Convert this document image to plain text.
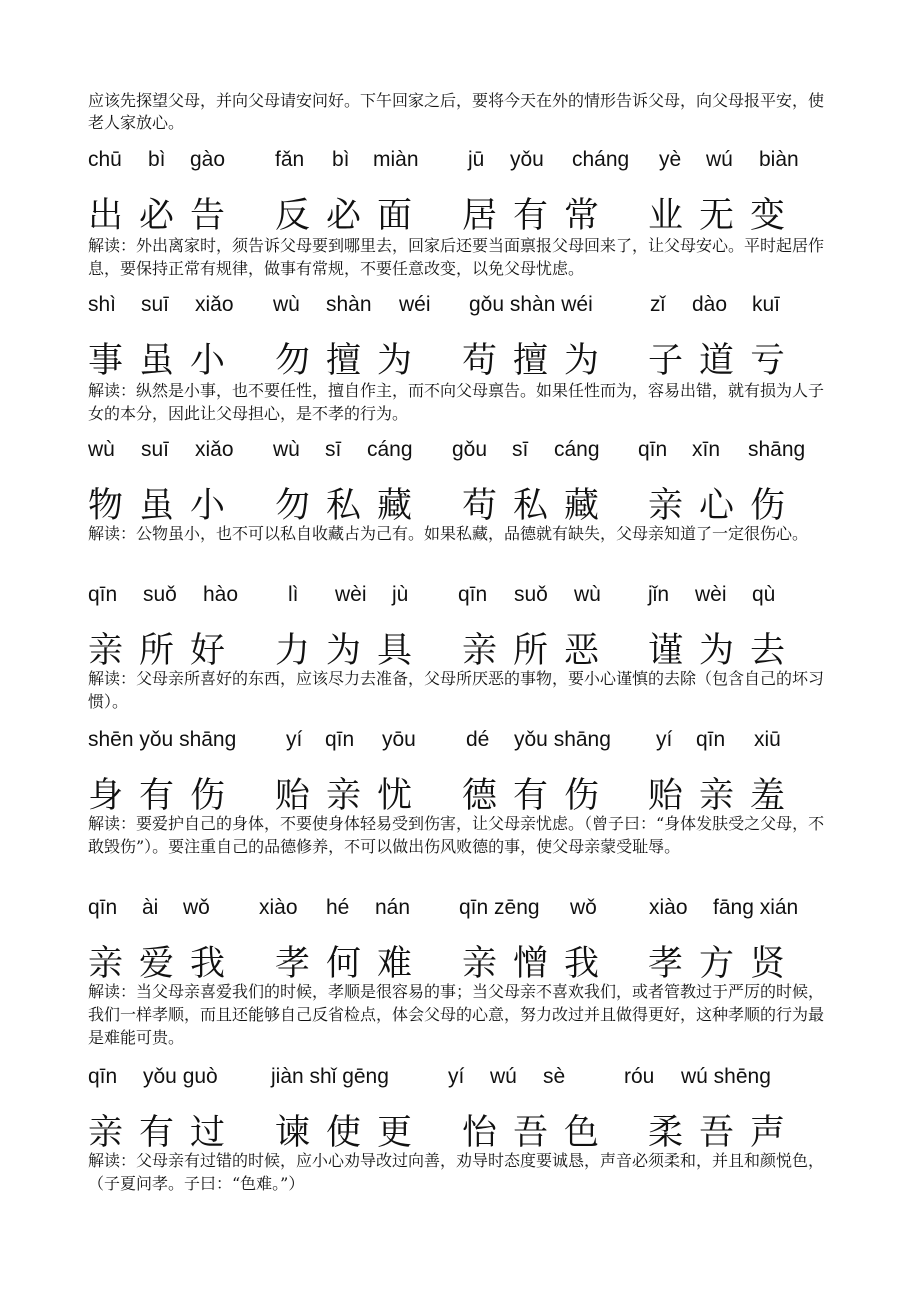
应该先探望父母，并向父母请安问好。下午回家之后，要将今天在外的情形告诉父母，向父母报平安，使老人家放心。

chū bì gào fǎn bì miàn jū yǒu cháng yè wú biàn
出必告 反必面 居有常 业无变

解读：外出离家时，须告诉父母要到哪里去，回家后还要当面禀报父母回来了，让父母安心。平时起居作息，要保持正常有规律，做事有常规，不要任意改变，以免父母忧虑。

shì suī xiǎo wù shàn wéi gǒu shàn wéi	zǐ dào kuī
事虽小 勿擅为 苟擅为 子道亏

解读：纵然是小事，也不要任性，擅自作主，而不向父母禀告。如果任性而为，容易出错，就有损为人子女的本分，因此让父母担心，是不孝的行为。

wù suī xiǎo wù sī cáng gǒu sī cáng qīn xīn shāng
物虽小 勿私藏 苟私藏 亲心伤

解读：公物虽小，也不可以私自收藏占为己有。如果私藏，品德就有缺失，父母亲知道了一定很伤心。

qīn suǒ hào lì wèi jù qīn suǒ wù jǐn wèi qù
亲所好 力为具 亲所恶 谨为去

解读：父母亲所喜好的东西，应该尽力去准备，父母所厌恶的事物，要小心谨慎的去除（包含自己的坏习惯）。

shēn yǒu shāng yí qīn yōu dé yǒu shāng yí qīn xiū
身有伤 贻亲忧 德有伤 贻亲羞

解读：要爱护自己的身体，不要使身体轻易受到伤害，让父母亲忧虑。（曾子曰：“身体发肤受之父母，不敢毁伤”）。要注重自己的品德修养，不可以做出伤风败德的事，使父母亲蒙受耻辱。

qīn ài wǒ xiào hé nán qīn zēng wǒ xiào fāng xián
亲爱我 孝何难 亲憎我 孝方贤

解读：当父母亲喜爱我们的时候，孝顺是很容易的事；当父母亲不喜欢我们，或者管教过于严厉的时候，我们一样孝顺，而且还能够自己反省检点，体会父母的心意，努力改过并且做得更好，这种孝顺的行为最是难能可贵。

qīn yǒu guò	jiàn shǐ gēng	yí wú sè	róu wú shēng
亲有过 谏使更 怡吾色 柔吾声

解读：父母亲有过错的时候，应小心劝导改过向善，劝导时态度要诚恳，声音必须柔和，并且和颜悦色，（子夏问孝。子曰：“色难。”）
